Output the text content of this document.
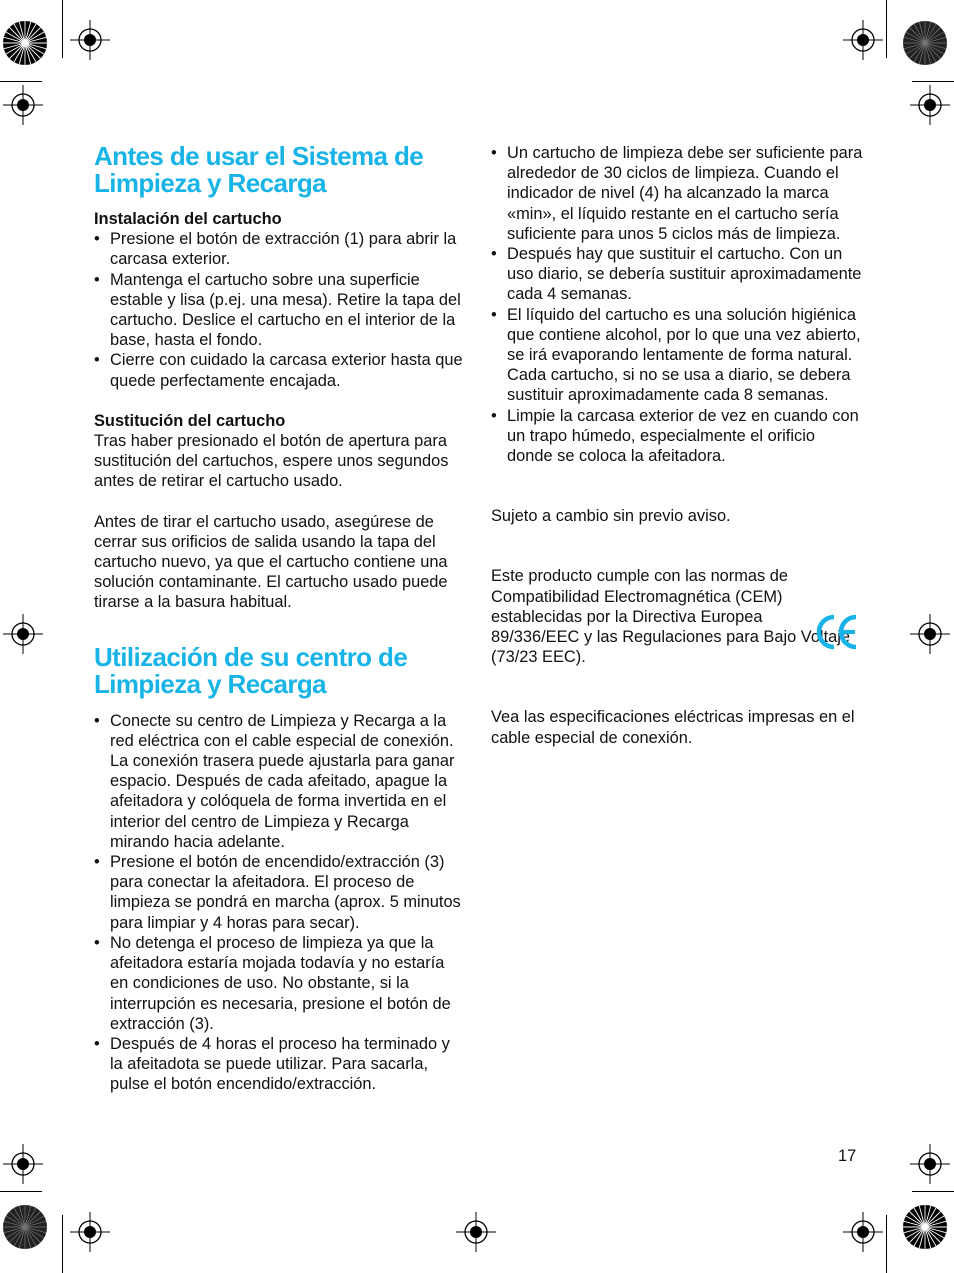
Antes de usar el Sistema de Limpieza y Recarga

Instalación del cartucho

• Presione el botón de extracción (1) para abrir la carcasa exterior.
• Mantenga el cartucho sobre una superficie estable y lisa (p.ej. una mesa). Retire la tapa del cartucho. Deslice el cartucho en el interior de la base, hasta el fondo.
• Cierre con cuidado la carcasa exterior hasta que quede perfectamente encajada.

Sustitución del cartucho

Tras haber presionado el botón de apertura para sustitución del cartuchos, espere unos segundos antes de retirar el cartucho usado.

Antes de tirar el cartucho usado, asegúrese de cerrar sus orificios de salida usando la tapa del cartucho nuevo, ya que el cartucho contiene una solución contaminante. El cartucho usado puede tirarse a la basura habitual.

Utilización de su centro de Limpieza y Recarga
• Conecte su centro de Limpieza y Recarga a la red eléctrica con el cable especial de conexión. La conexión trasera puede ajustarla para ganar espacio. Después de cada afeitado, apague la afeitadora y colóquela de forma invertida en el interior del centro de Limpieza y Recarga mirando hacia adelante.
• Presione el botón de encendido/extracción (3) para conectar la afeitadora. El proceso de limpieza se pondrá en marcha (aprox. 5 minutos para limpiar y 4 horas para secar).
• No detenga el proceso de limpieza ya que la afeitadora estaría mojada todavía y no estaría en condiciones de uso. No obstante, si la interrupción es necesaria, presione el botón de extracción (3).
• Después de 4 horas el proceso ha terminado y la afeitadota se puede utilizar. Para sacarla, pulse el botón encendido/extracción.
• Un cartucho de limpieza debe ser suficiente para alrededor de 30 ciclos de limpieza. Cuando el indicador de nivel (4) ha alcanzado la marca «min», el líquido restante en el cartucho sería suficiente para unos 5 ciclos más de limpieza.
• Después hay que sustituir el cartucho. Con un uso diario, se debería sustituir aproximadamente cada 4 semanas.
• El líquido del cartucho es una solución higiénica que contiene alcohol, por lo que una vez abierto, se irá evaporando lentamente de forma natural. Cada cartucho, si no se usa a diario, se debera sustituir aproximadamente cada 8 semanas.
• Limpie la carcasa exterior de vez en cuando con un trapo húmedo, especialmente el orificio donde se coloca la afeitadora.

Sujeto a cambio sin previo aviso.

Este producto cumple con las normas de Compatibilidad Electromagnética (CEM) establecidas por la Directiva Europea 89/336/EEC y las Regulaciones para Bajo Voltaje (73/23 EEC).

Vea las especificaciones eléctricas impresas en el cable especial de conexión.

17
